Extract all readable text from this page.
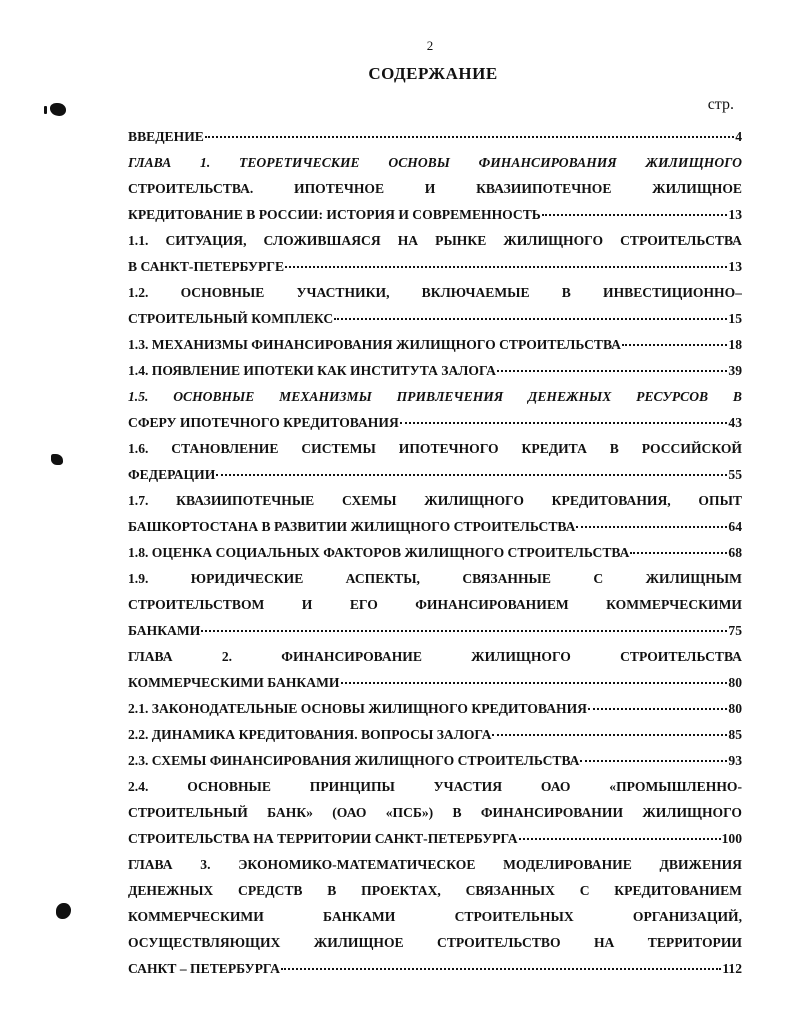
2
СОДЕРЖАНИЕ
стр.
ВВЕДЕНИЕ	4
ГЛАВА 1. ТЕОРЕТИЧЕСКИЕ ОСНОВЫ ФИНАНСИРОВАНИЯ ЖИЛИЩНОГО
СТРОИТЕЛЬСТВА. ИПОТЕЧНОЕ И КВАЗИИПОТЕЧНОЕ ЖИЛИЩНОЕ
КРЕДИТОВАНИЕ В РОССИИ: ИСТОРИЯ И СОВРЕМЕННОСТЬ	13
1.1. СИТУАЦИЯ, СЛОЖИВШАЯСЯ НА РЫНКЕ ЖИЛИЩНОГО СТРОИТЕЛЬСТВА
В САНКТ-ПЕТЕРБУРГЕ	13
1.2. ОСНОВНЫЕ УЧАСТНИКИ, ВКЛЮЧАЕМЫЕ В ИНВЕСТИЦИОННО–
СТРОИТЕЛЬНЫЙ КОМПЛЕКС	15
1.3. МЕХАНИЗМЫ ФИНАНСИРОВАНИЯ ЖИЛИЩНОГО СТРОИТЕЛЬСТВА	18
1.4. ПОЯВЛЕНИЕ ИПОТЕКИ КАК ИНСТИТУТА ЗАЛОГА	39
1.5. ОСНОВНЫЕ МЕХАНИЗМЫ ПРИВЛЕЧЕНИЯ ДЕНЕЖНЫХ РЕСУРСОВ В
СФЕРУ ИПОТЕЧНОГО КРЕДИТОВАНИЯ	43
1.6. СТАНОВЛЕНИЕ СИСТЕМЫ ИПОТЕЧНОГО КРЕДИТА В РОССИЙСКОЙ
ФЕДЕРАЦИИ	55
1.7. КВАЗИИПОТЕЧНЫЕ СХЕМЫ ЖИЛИЩНОГО КРЕДИТОВАНИЯ, ОПЫТ
БАШКОРТОСТАНА В РАЗВИТИИ ЖИЛИЩНОГО СТРОИТЕЛЬСТВА	64
1.8. ОЦЕНКА СОЦИАЛЬНЫХ ФАКТОРОВ ЖИЛИЩНОГО СТРОИТЕЛЬСТВА	68
1.9. ЮРИДИЧЕСКИЕ АСПЕКТЫ, СВЯЗАННЫЕ С ЖИЛИЩНЫМ
СТРОИТЕЛЬСТВОМ И ЕГО ФИНАНСИРОВАНИЕМ КОММЕРЧЕСКИМИ
БАНКАМИ	75
ГЛАВА 2. ФИНАНСИРОВАНИЕ ЖИЛИЩНОГО СТРОИТЕЛЬСТВА
КОММЕРЧЕСКИМИ БАНКАМИ	80
2.1. ЗАКОНОДАТЕЛЬНЫЕ ОСНОВЫ ЖИЛИЩНОГО КРЕДИТОВАНИЯ	80
2.2. ДИНАМИКА КРЕДИТОВАНИЯ. ВОПРОСЫ ЗАЛОГА	85
2.3. СХЕМЫ ФИНАНСИРОВАНИЯ ЖИЛИЩНОГО СТРОИТЕЛЬСТВА	93
2.4. ОСНОВНЫЕ ПРИНЦИПЫ УЧАСТИЯ ОАО «ПРОМЫШЛЕННО-
СТРОИТЕЛЬНЫЙ БАНК» (ОАО «ПСБ») В ФИНАНСИРОВАНИИ ЖИЛИЩНОГО
СТРОИТЕЛЬСТВА НА ТЕРРИТОРИИ САНКТ-ПЕТЕРБУРГА	100
ГЛАВА 3. ЭКОНОМИКО-МАТЕМАТИЧЕСКОЕ МОДЕЛИРОВАНИЕ ДВИЖЕНИЯ
ДЕНЕЖНЫХ СРЕДСТВ В ПРОЕКТАХ, СВЯЗАННЫХ С КРЕДИТОВАНИЕМ
КОММЕРЧЕСКИМИ БАНКАМИ СТРОИТЕЛЬНЫХ ОРГАНИЗАЦИЙ,
ОСУЩЕСТВЛЯЮЩИХ ЖИЛИЩНОЕ СТРОИТЕЛЬСТВО НА ТЕРРИТОРИИ
САНКТ – ПЕТЕРБУРГА	112
